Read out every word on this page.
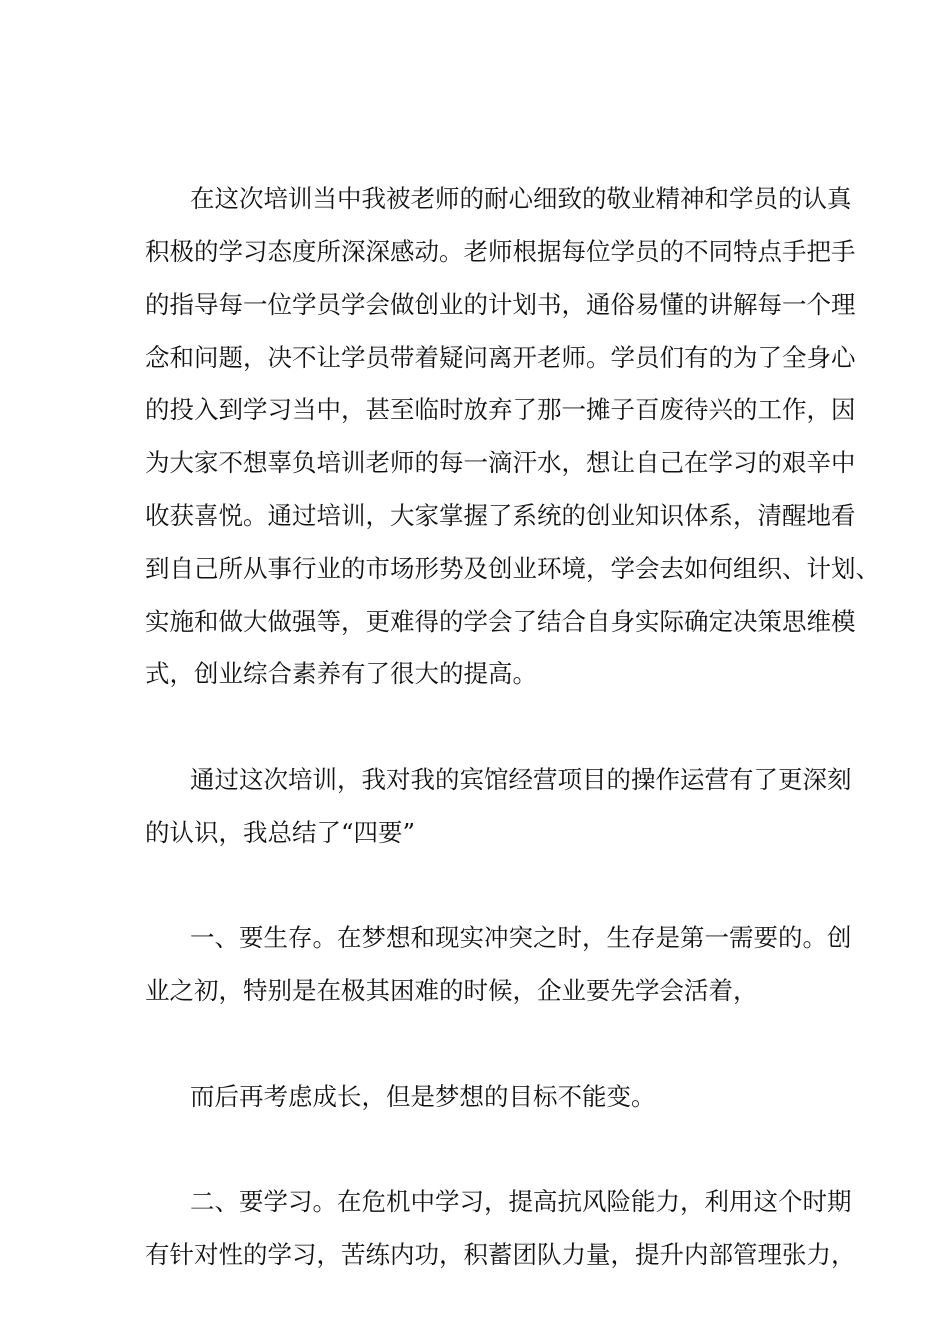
在这次培训当中我被老师的耐心细致的敬业精神和学员的认真
积极的学习态度所深深感动。老师根据每位学员的不同特点手把手
的指导每一位学员学会做创业的计划书，通俗易懂的讲解每一个理
念和问题，决不让学员带着疑问离开老师。学员们有的为了全身心
的投入到学习当中，甚至临时放弃了那一摊子百废待兴的工作，因
为大家不想辜负培训老师的每一滴汗水，想让自己在学习的艰辛中
收获喜悦。通过培训，大家掌握了系统的创业知识体系，清醒地看
到自己所从事行业的市场形势及创业环境，学会去如何组织、计划、
实施和做大做强等，更难得的学会了结合自身实际确定决策思维模
式，创业综合素养有了很大的提高。
通过这次培训，我对我的宾馆经营项目的操作运营有了更深刻
的认识，我总结了“四要”
一、要生存。在梦想和现实冲突之时，生存是第一需要的。创
业之初，特别是在极其困难的时候，企业要先学会活着，
而后再考虑成长，但是梦想的目标不能变。
二、要学习。在危机中学习，提高抗风险能力，利用这个时期
有针对性的学习，苦练内功，积蓄团队力量，提升内部管理张力，
